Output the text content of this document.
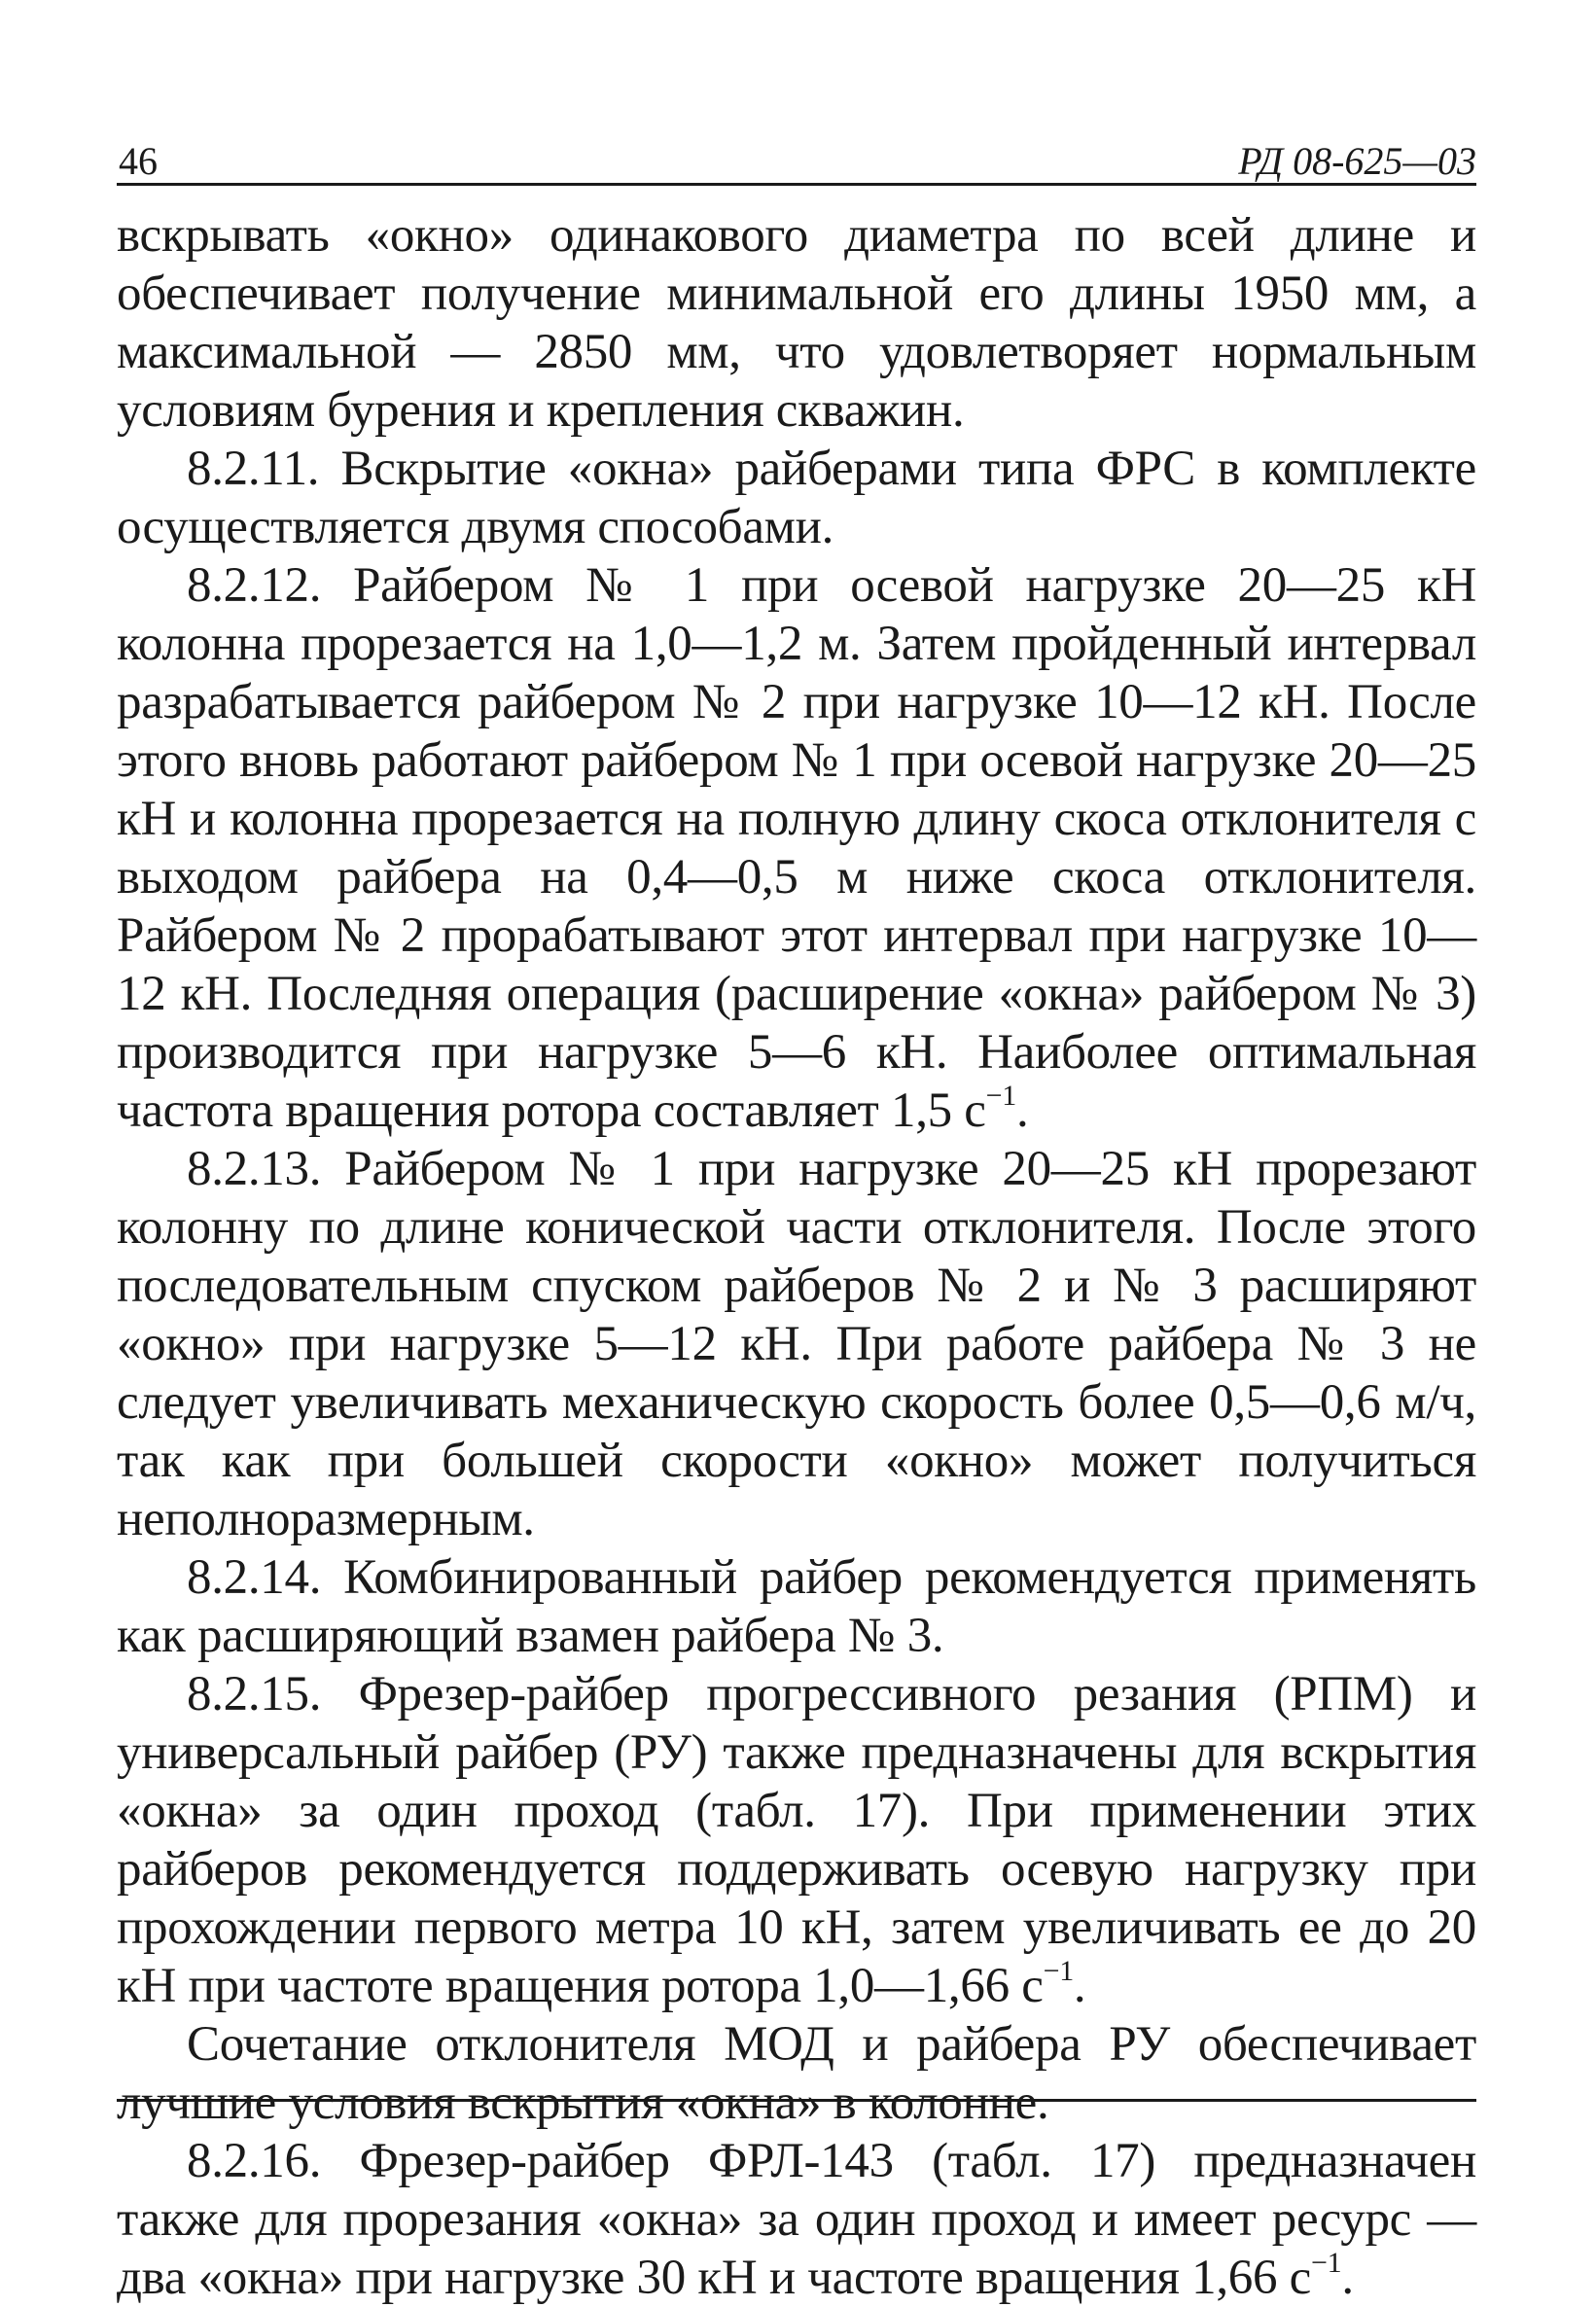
46	РД 08-625—03

вскрывать «окно» одинакового диаметра по всей длине и обеспечивает получение минимальной его длины 1950 мм, а максимальной — 2850 мм, что удовлетворяет нормальным условиям бурения и крепления скважин.

8.2.11. Вскрытие «окна» райберами типа ФРС в комплекте осуществляется двумя способами.

8.2.12. Райбером № 1 при осевой нагрузке 20—25 кН колонна прорезается на 1,0—1,2 м. Затем пройденный интервал разрабатывается райбером № 2 при нагрузке 10—12 кН. После этого вновь работают райбером № 1 при осевой нагрузке 20—25 кН и колонна прорезается на полную длину скоса отклонителя с выходом райбера на 0,4—0,5 м ниже скоса отклонителя. Райбером № 2 прорабатывают этот интервал при нагрузке 10—12 кН. Последняя операция (расширение «окна» райбером № 3) производится при нагрузке 5—6 кН. Наиболее оптимальная частота вращения ротора составляет 1,5 $с^{-1}$.

8.2.13. Райбером № 1 при нагрузке 20—25 кН прорезают колонну по длине конической части отклонителя. После этого последовательным спуском райберов № 2 и № 3 расширяют «окно» при нагрузке 5—12 кН. При работе райбера № 3 не следует увеличивать механическую скорость более 0,5—0,6 м/ч, так как при большей скорости «окно» может получиться неполноразмерным.

8.2.14. Комбинированный райбер рекомендуется применять как расширяющий взамен райбера № 3.

8.2.15. Фрезер-райбер прогрессивного резания (РПМ) и универсальный райбер (РУ) также предназначены для вскрытия «окна» за один проход (табл. 17). При применении этих райберов рекомендуется поддерживать осевую нагрузку при прохождении первого метра 10 кН, затем увеличивать ее до 20 кН при частоте вращения ротора 1,0—1,66 $с^{-1}$.

Сочетание отклонителя МОД и райбера РУ обеспечивает лучшие условия вскрытия «окна» в колонне.

8.2.16. Фрезер-райбер ФРЛ-143 (табл. 17) предназначен также для прорезания «окна» за один проход и имеет ресурс — два «окна» при нагрузке 30 кН и частоте вращения 1,66 $с^{-1}$.
